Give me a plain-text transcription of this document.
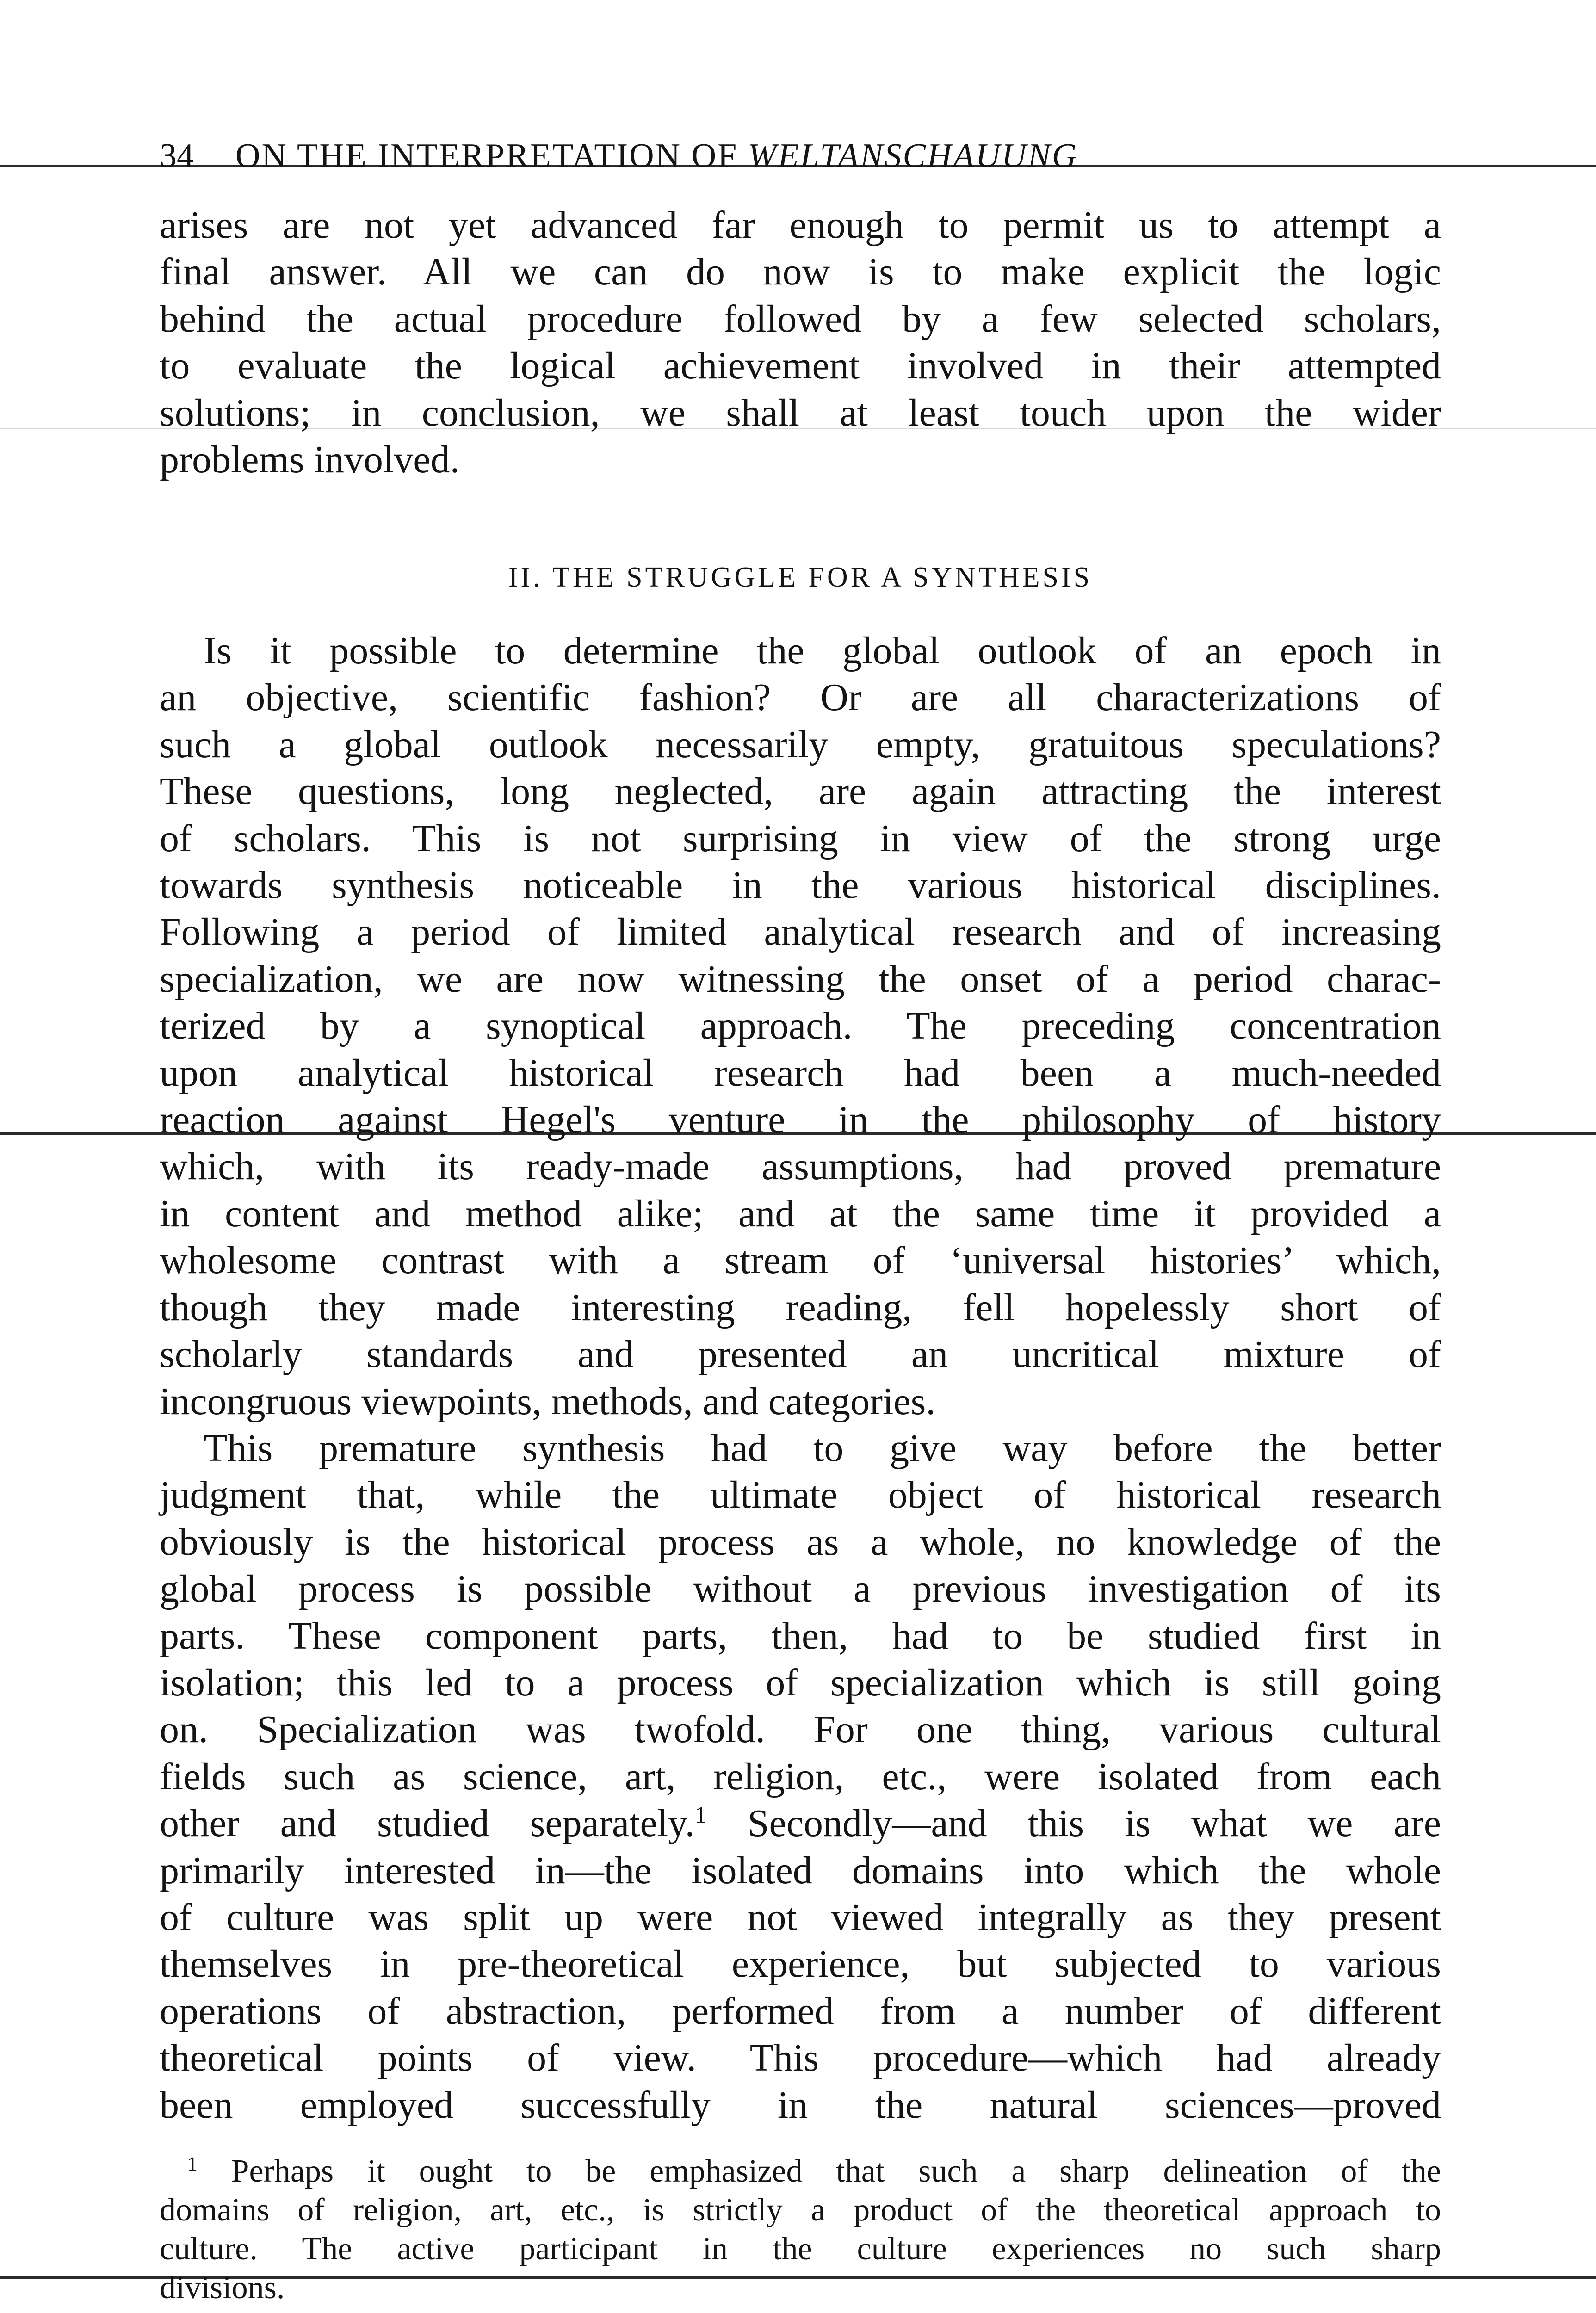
34 ON THE INTERPRETATION OF WELTANSCHAUUNG

arises are not yet advanced far enough to permit us to attempt a
final answer. All we can do now is to make explicit the logic
behind the actual procedure followed by a few selected scholars,
to evaluate the logical achievement involved in their attempted
solutions; in conclusion, we shall at least touch upon the wider
problems involved.

II. THE STRUGGLE FOR A SYNTHESIS

Is it possible to determine the global outlook of an epoch in
an objective, scientific fashion? Or are all characterizations of
such a global outlook necessarily empty, gratuitous speculations?
These questions, long neglected, are again attracting the interest
of scholars. This is not surprising in view of the strong urge
towards synthesis noticeable in the various historical disciplines.
Following a period of limited analytical research and of increasing
specialization, we are now witnessing the onset of a period charac-
terized by a synoptical approach. The preceding concentration
upon analytical historical research had been a much-needed
reaction against Hegel's venture in the philosophy of history
which, with its ready-made assumptions, had proved premature
in content and method alike; and at the same time it provided a
wholesome contrast with a stream of ‘universal histories’ which,
though they made interesting reading, fell hopelessly short of
scholarly standards and presented an uncritical mixture of
incongruous viewpoints, methods, and categories.

This premature synthesis had to give way before the better
judgment that, while the ultimate object of historical research
obviously is the historical process as a whole, no knowledge of the
global process is possible without a previous investigation of its
parts. These component parts, then, had to be studied first in
isolation; this led to a process of specialization which is still going
on. Specialization was twofold. For one thing, various cultural
fields such as science, art, religion, etc., were isolated from each
other and studied separately.$^1$ Secondly—and this is what we are
primarily interested in—the isolated domains into which the whole
of culture was split up were not viewed integrally as they present
themselves in pre-theoretical experience, but subjected to various
operations of abstraction, performed from a number of different
theoretical points of view. This procedure—which had already
been employed successfully in the natural sciences—proved

$^1$ Perhaps it ought to be emphasized that such a sharp delineation of the
domains of religion, art, etc., is strictly a product of the theoretical approach to
culture. The active participant in the culture experiences no such sharp
divisions.
